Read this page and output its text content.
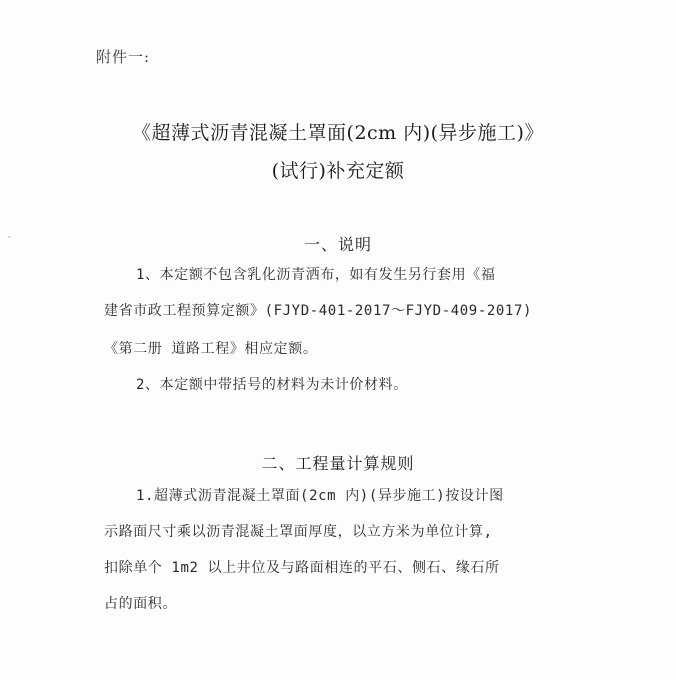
附件一:
《超薄式沥青混凝土罩面(2cm 内)(异步施工)》
(试行)补充定额
一、说明
1、本定额不包含乳化沥青洒布，如有发生另行套用《福
建省市政工程预算定额》(FJYD-401-2017～FJYD-409-2017)
《第二册 道路工程》相应定额。
2、本定额中带括号的材料为未计价材料。
二、工程量计算规则
1.超薄式沥青混凝土罩面(2cm 内)(异步施工)按设计图
示路面尺寸乘以沥青混凝土罩面厚度，以立方米为单位计算,
扣除单个 1m2 以上井位及与路面相连的平石、侧石、缘石所
占的面积。
